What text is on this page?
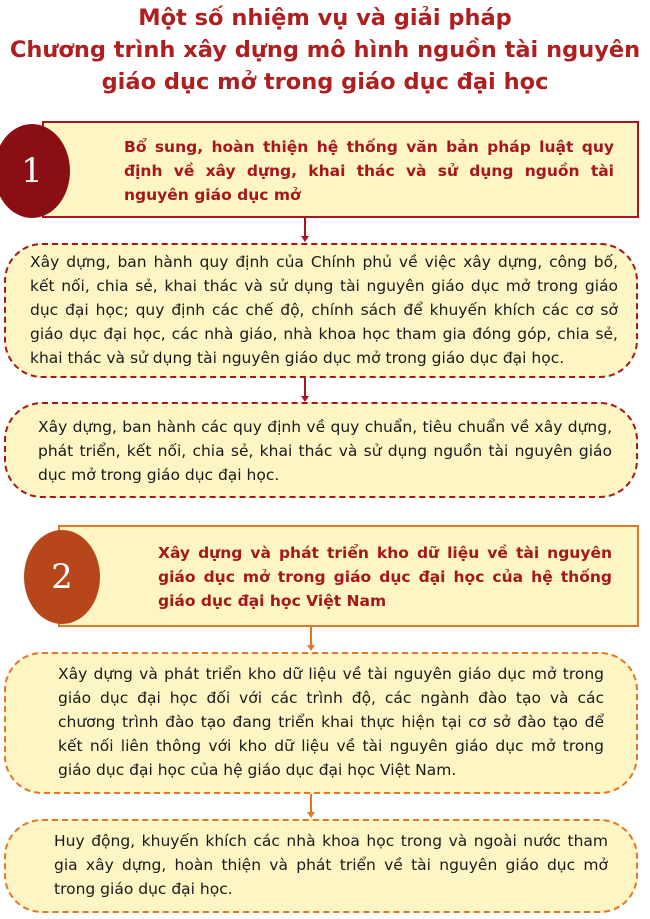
Một số nhiệm vụ và giải pháp
Chương trình xây dựng mô hình nguồn tài nguyên
giáo dục mở trong giáo dục đại học
1
Bổ sung, hoàn thiện hệ thống văn bản pháp luật quy định về xây dựng, khai thác và sử dụng nguồn tài nguyên giáo dục mở
Xây dựng, ban hành quy định của Chính phủ về việc xây dựng, công bố, kết nối, chia sẻ, khai thác và sử dụng tài nguyên giáo dục mở trong giáo dục đại học; quy định các chế độ, chính sách để khuyến khích các cơ sở giáo dục đại học, các nhà giáo, nhà khoa học tham gia đóng góp, chia sẻ, khai thác và sử dụng tài nguyên giáo dục mở trong giáo dục đại học.
Xây dựng, ban hành các quy định về quy chuẩn, tiêu chuẩn về xây dựng, phát triển, kết nối, chia sẻ, khai thác và sử dụng nguồn tài nguyên giáo dục mở trong giáo dục đại học.
2
Xây dựng và phát triển kho dữ liệu về tài nguyên giáo dục mở trong giáo dục đại học của hệ thống giáo dục đại học Việt Nam
Xây dựng và phát triển kho dữ liệu về tài nguyên giáo dục mở trong giáo dục đại học đối với các trình độ, các ngành đào tạo và các chương trình đào tạo đang triển khai thực hiện tại cơ sở đào tạo để kết nối liên thông với kho dữ liệu về tài nguyên giáo dục mở trong giáo dục đại học của hệ giáo dục đại học Việt Nam.
Huy động, khuyến khích các nhà khoa học trong và ngoài nước tham gia xây dựng, hoàn thiện và phát triển về tài nguyên giáo dục mở trong giáo dục đại học.
